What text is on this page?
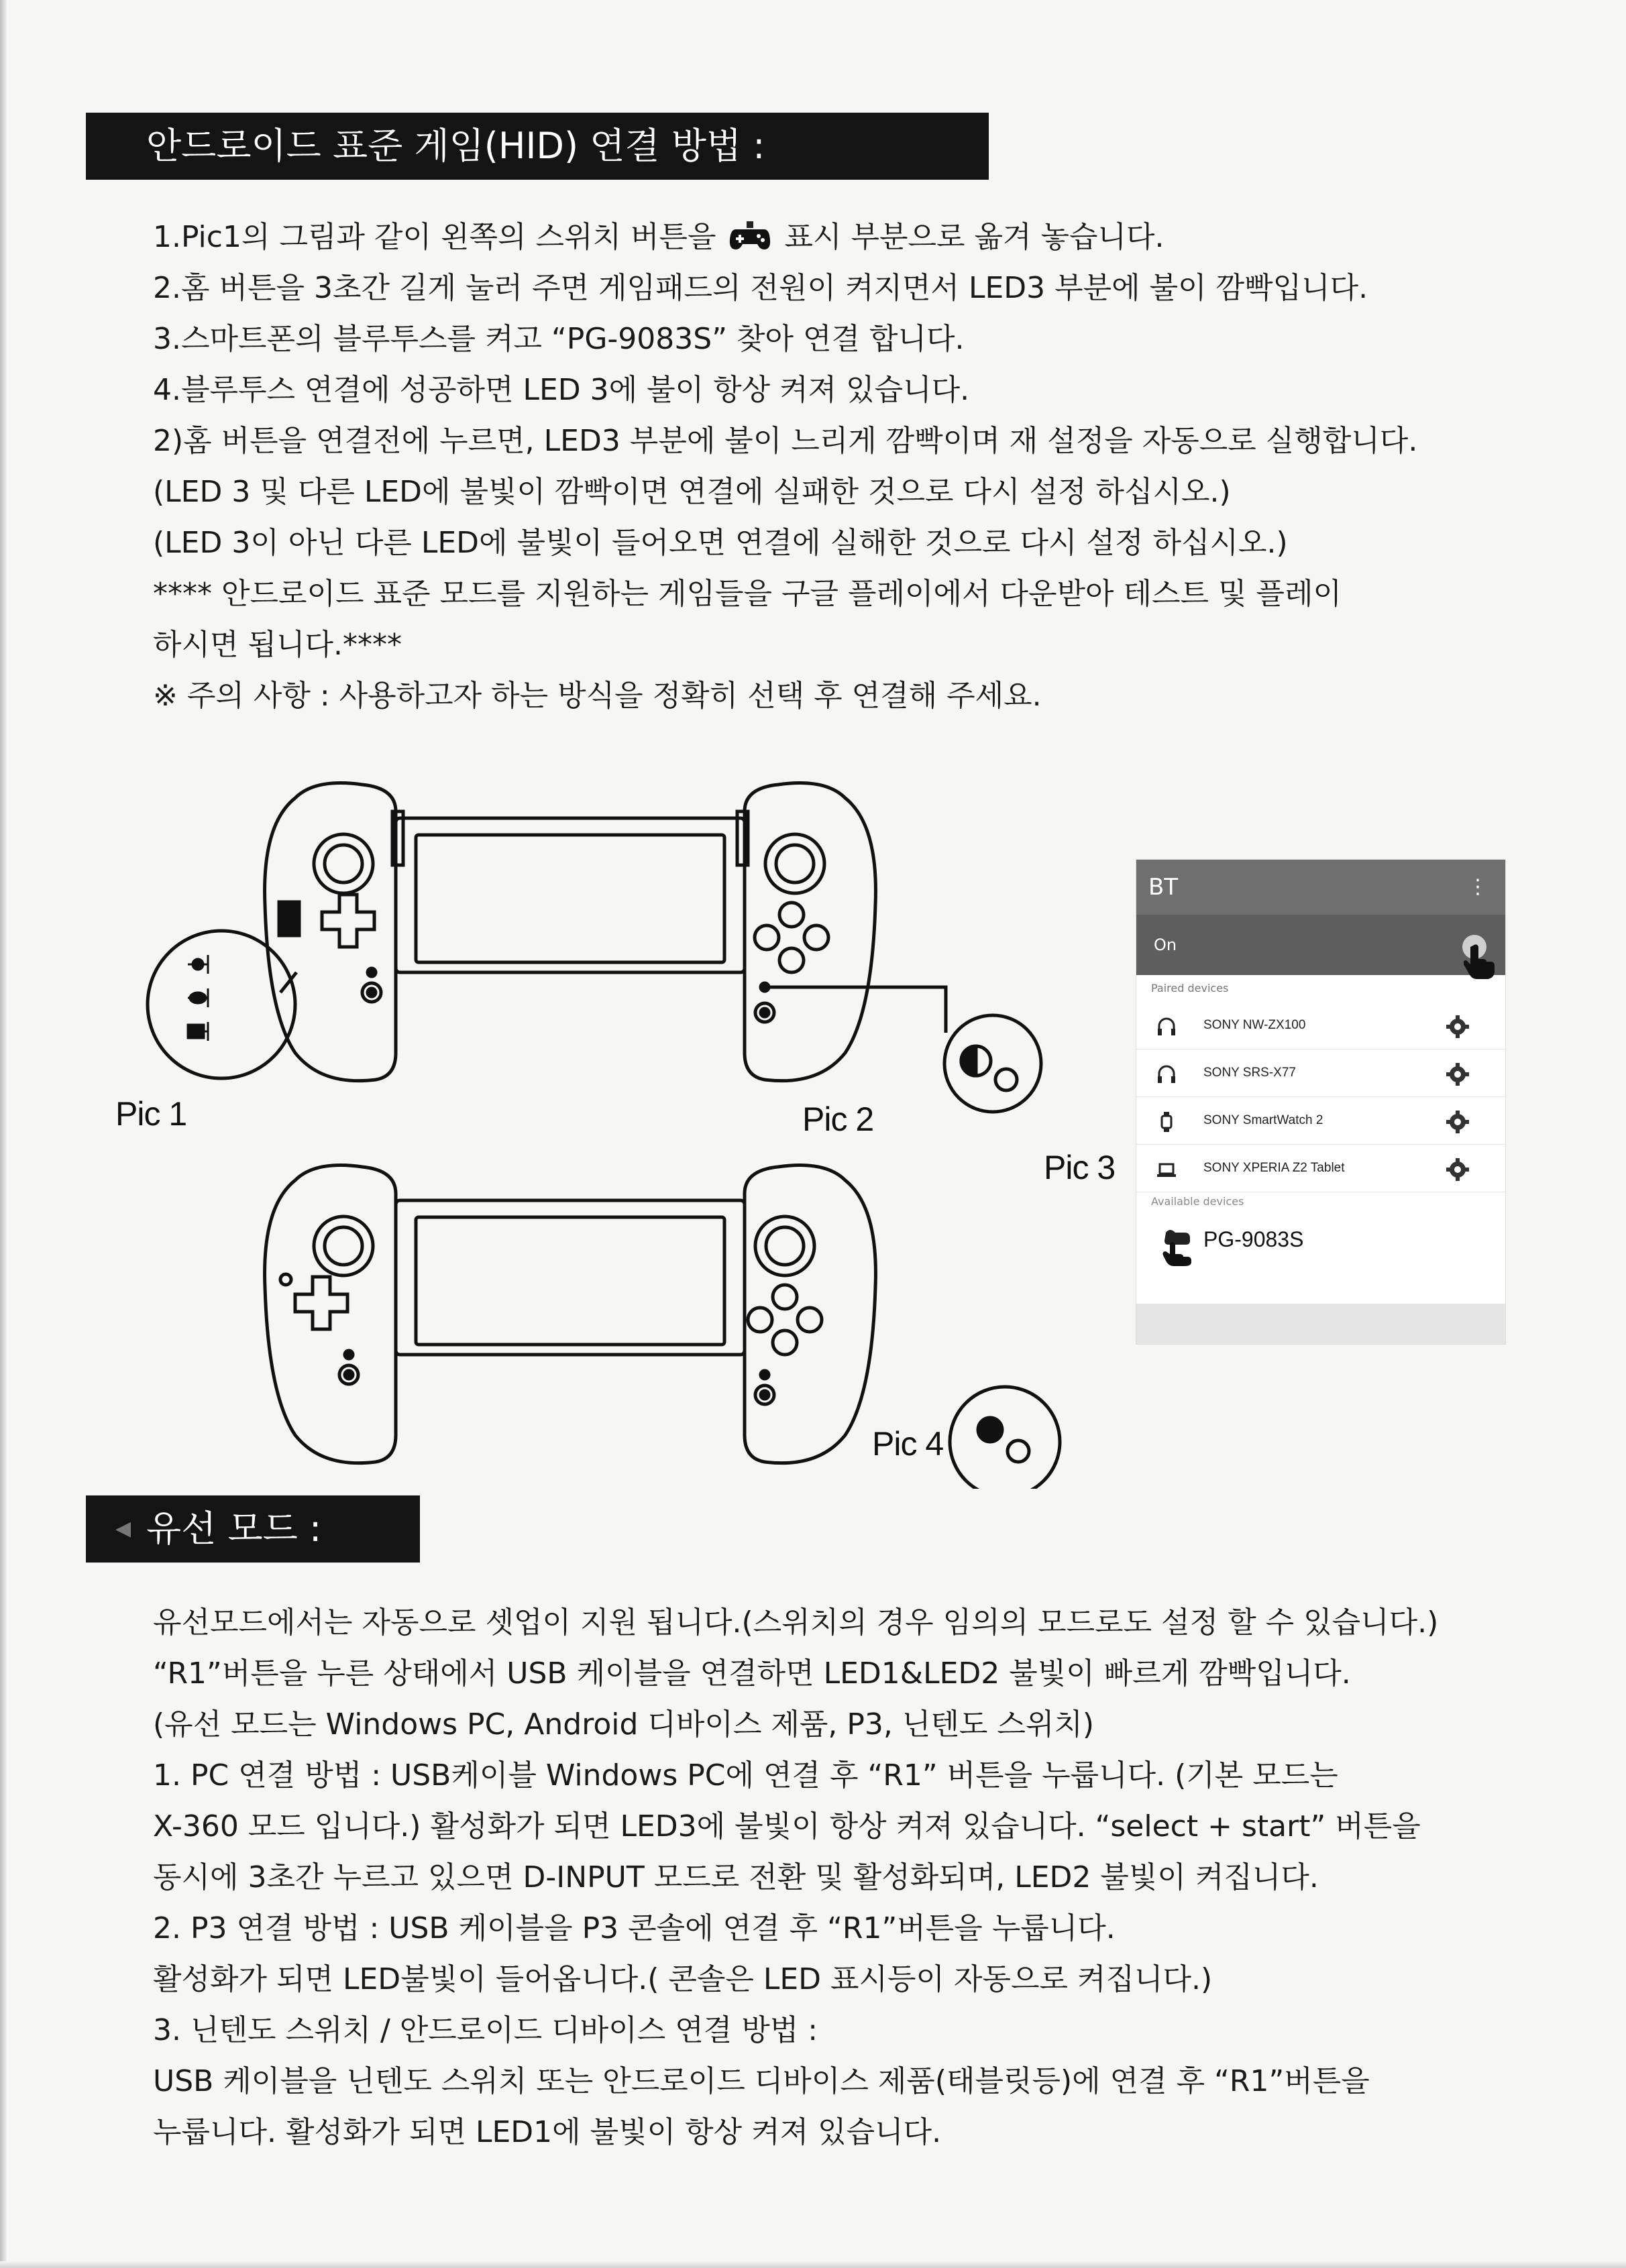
안드로이드 표준 게임(HID) 연결 방법 :
1.Pic1의 그림과 같이 왼쪽의 스위치 버튼을 표시 부분으로 옮겨 놓습니다.
2.홈 버튼을 3초간 길게 눌러 주면 게임패드의 전원이 켜지면서 LED3 부분에 불이 깜빡입니다.
3.스마트폰의 블루투스를 켜고 “PG-9083S” 찾아 연결 합니다.
4.블루투스 연결에 성공하면 LED 3에 불이 항상 켜져 있습니다.
2)홈 버튼을 연결전에 누르면, LED3 부분에 불이 느리게 깜빡이며 재 설정을 자동으로 실행합니다.
(LED 3 및 다른 LED에 불빛이 깜빡이면 연결에 실패한 것으로 다시 설정 하십시오.)
(LED 3이 아닌 다른 LED에 불빛이 들어오면 연결에 실해한 것으로 다시 설정 하십시오.)
**** 안드로이드 표준 모드를 지원하는 게임들을 구글 플레이에서 다운받아 테스트 및 플레이
하시면 됩니다.****
※ 주의 사항 : 사용하고자 하는 방식을 정확히 선택 후 연결해 주세요.
Pic 1	Pic 2
Pic 3
Pic 4
BT	⋮
On
Paired devices
SONY NW-ZX100
SONY SRS-X77
SONY SmartWatch 2
SONY XPERIA Z2 Tablet
Available devices
PG-9083S
◀ 유선 모드 :
유선모드에서는 자동으로 셋업이 지원 됩니다.(스위치의 경우 임의의 모드로도 설정 할 수 있습니다.)
“R1”버튼을 누른 상태에서 USB 케이블을 연결하면 LED1&LED2 불빛이 빠르게 깜빡입니다.
(유선 모드는 Windows PC, Android 디바이스 제품, P3, 닌텐도 스위치)
1. PC 연결 방법 : USB케이블 Windows PC에 연결 후 “R1” 버튼을 누룹니다. (기본 모드는
X-360 모드 입니다.) 활성화가 되면 LED3에 불빛이 항상 켜져 있습니다. “select + start” 버튼을
동시에 3초간 누르고 있으면 D-INPUT 모드로 전환 및 활성화되며, LED2 불빛이 켜집니다.
2. P3 연결 방법 : USB 케이블을 P3 콘솔에 연결 후 “R1”버튼을 누룹니다.
활성화가 되면 LED불빛이 들어옵니다.( 콘솔은 LED 표시등이 자동으로 켜집니다.)
3. 닌텐도 스위치 / 안드로이드 디바이스 연결 방법 :
USB 케이블을 닌텐도 스위치 또는 안드로이드 디바이스 제품(태블릿등)에 연결 후 “R1”버튼을
누룹니다. 활성화가 되면 LED1에 불빛이 항상 켜져 있습니다.
